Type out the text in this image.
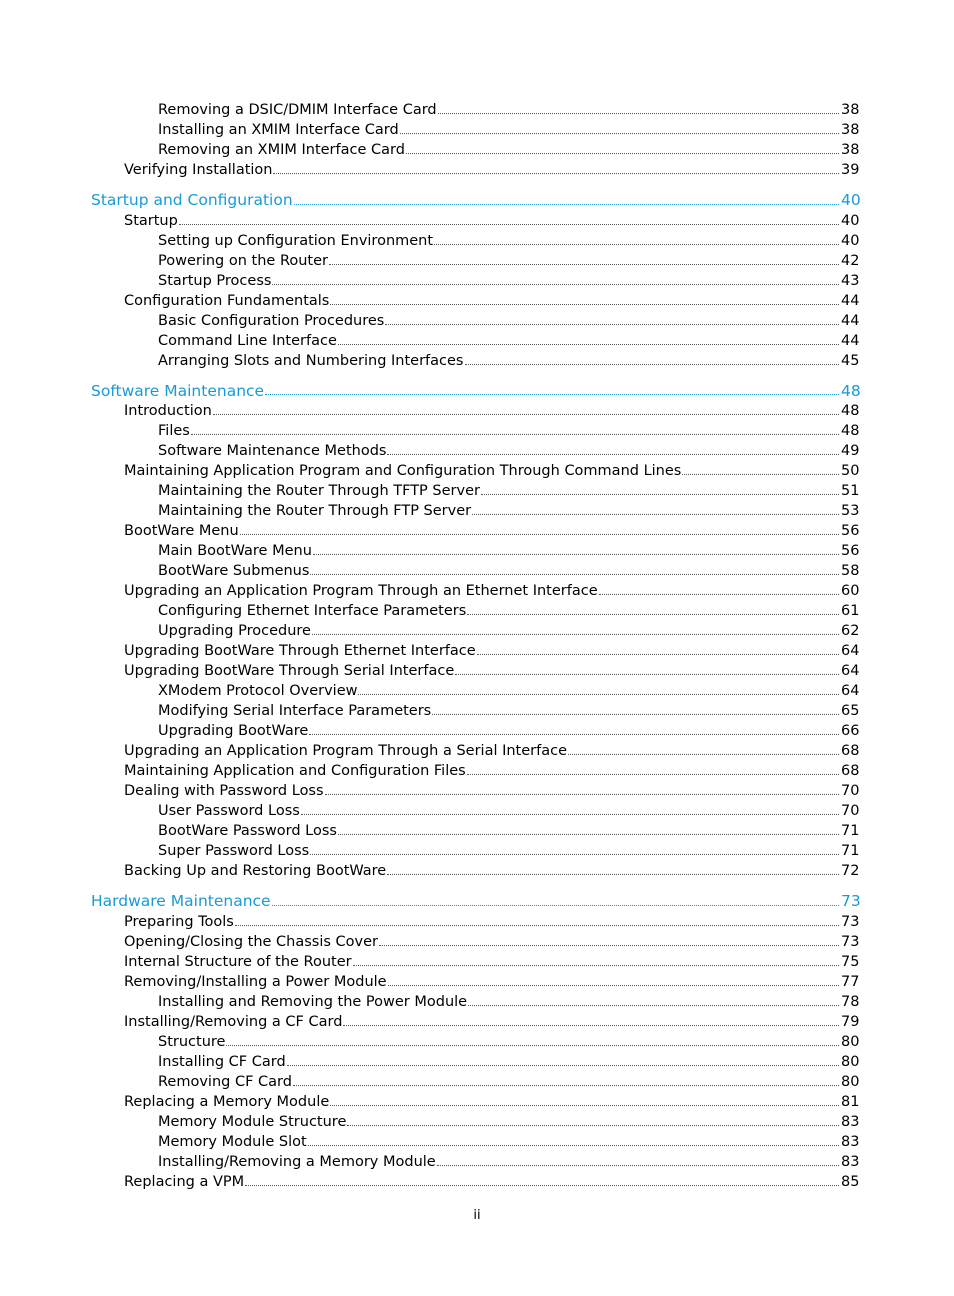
Removing a DSIC/DMIM Interface Card	38
Installing an XMIM Interface Card	38
Removing an XMIM Interface Card	38
Verifying Installation	39
Startup and Configuration	40
Startup	40
Setting up Configuration Environment	40
Powering on the Router	42
Startup Process	43
Configuration Fundamentals	44
Basic Configuration Procedures	44
Command Line Interface	44
Arranging Slots and Numbering Interfaces	45
Software Maintenance	48
Introduction	48
Files	48
Software Maintenance Methods	49
Maintaining Application Program and Configuration Through Command Lines	50
Maintaining the Router Through TFTP Server	51
Maintaining the Router Through FTP Server	53
BootWare Menu	56
Main BootWare Menu	56
BootWare Submenus	58
Upgrading an Application Program Through an Ethernet Interface	60
Configuring Ethernet Interface Parameters	61
Upgrading Procedure	62
Upgrading BootWare Through Ethernet Interface	64
Upgrading BootWare Through Serial Interface	64
XModem Protocol Overview	64
Modifying Serial Interface Parameters	65
Upgrading BootWare	66
Upgrading an Application Program Through a Serial Interface	68
Maintaining Application and Configuration Files	68
Dealing with Password Loss	70
User Password Loss	70
BootWare Password Loss	71
Super Password Loss	71
Backing Up and Restoring BootWare	72
Hardware Maintenance	73
Preparing Tools	73
Opening/Closing the Chassis Cover	73
Internal Structure of the Router	75
Removing/Installing a Power Module	77
Installing and Removing the Power Module	78
Installing/Removing a CF Card	79
Structure	80
Installing CF Card	80
Removing CF Card	80
Replacing a Memory Module	81
Memory Module Structure	83
Memory Module Slot	83
Installing/Removing a Memory Module	83
Replacing a VPM	85
ii
